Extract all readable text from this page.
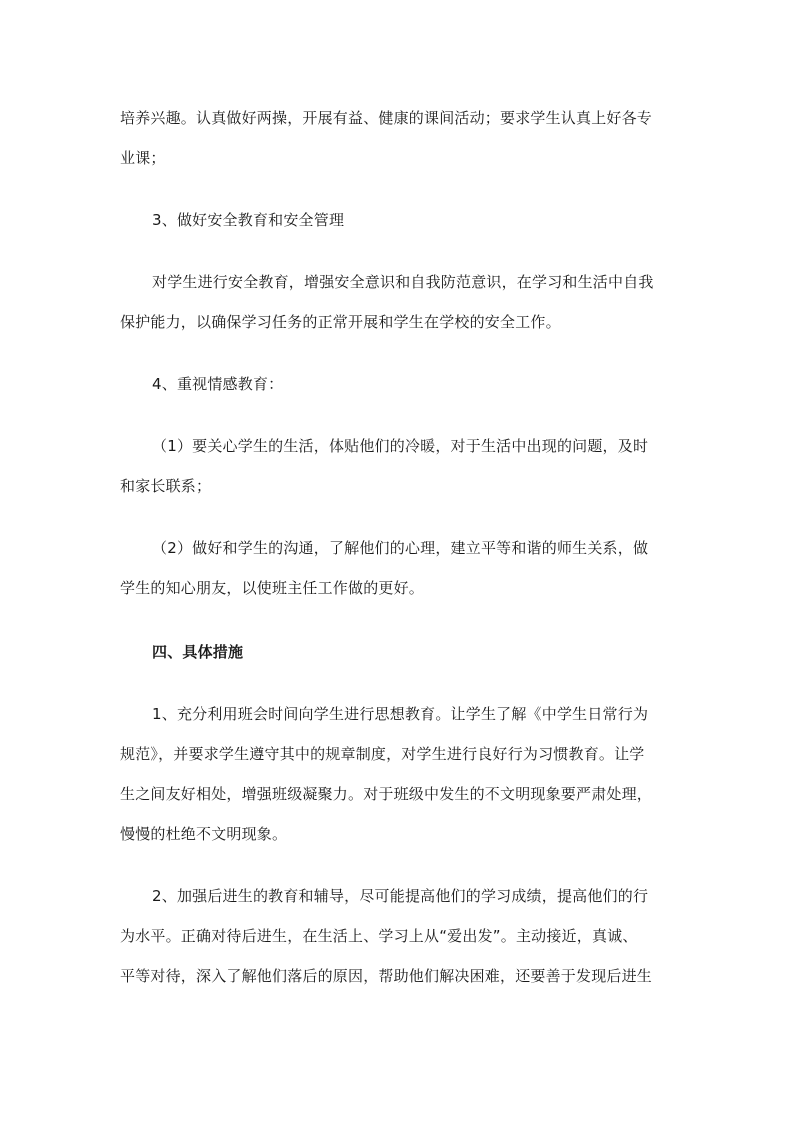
培养兴趣。认真做好两操，开展有益、健康的课间活动；要求学生认真上好各专
业课；
3、做好安全教育和安全管理
对学生进行安全教育，增强安全意识和自我防范意识，在学习和生活中自我
保护能力，以确保学习任务的正常开展和学生在学校的安全工作。
4、重视情感教育：
（1）要关心学生的生活，体贴他们的冷暖，对于生活中出现的问题，及时
和家长联系；
（2）做好和学生的沟通，了解他们的心理，建立平等和谐的师生关系，做
学生的知心朋友，以使班主任工作做的更好。
四、具体措施
1、充分利用班会时间向学生进行思想教育。让学生了解《中学生日常行为
规范》，并要求学生遵守其中的规章制度，对学生进行良好行为习惯教育。让学
生之间友好相处，增强班级凝聚力。对于班级中发生的不文明现象要严肃处理，
慢慢的杜绝不文明现象。
2、加强后进生的教育和辅导，尽可能提高他们的学习成绩，提高他们的行
为水平。正确对待后进生，在生活上、学习上从“爱出发”。主动接近，真诚、
平等对待，深入了解他们落后的原因，帮助他们解决困难，还要善于发现后进生
